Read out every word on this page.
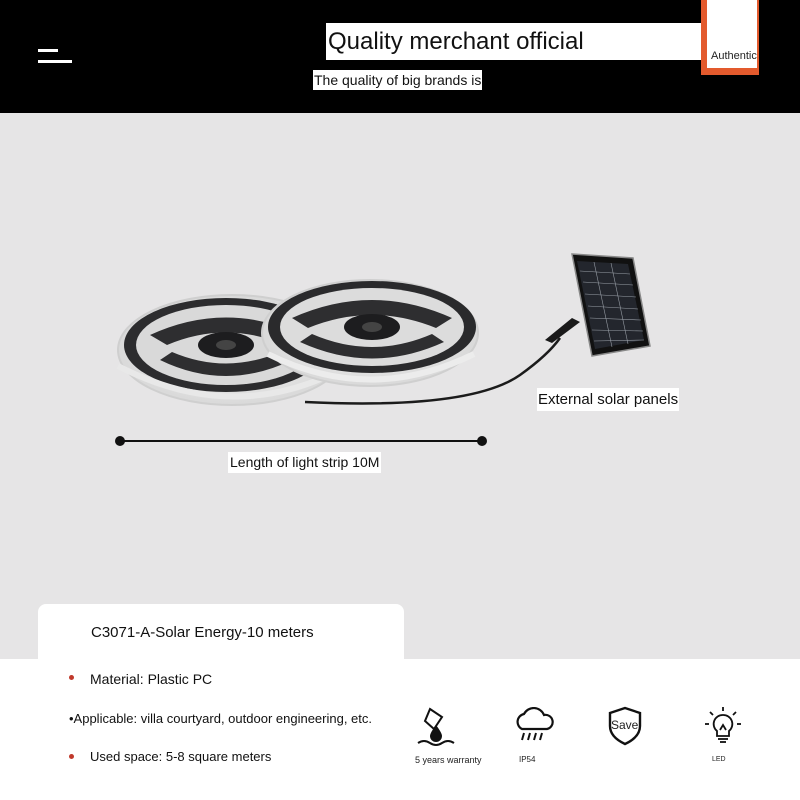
Quality merchant official
The quality of big brands is
Authentic
External solar panels
Length of light strip 10M
C3071-A-Solar Energy-10 meters
Material: Plastic PC
•Applicable: villa courtyard, outdoor engineering, etc.
Used space: 5-8 square meters	5 years warranty	IP54
Save
LED
